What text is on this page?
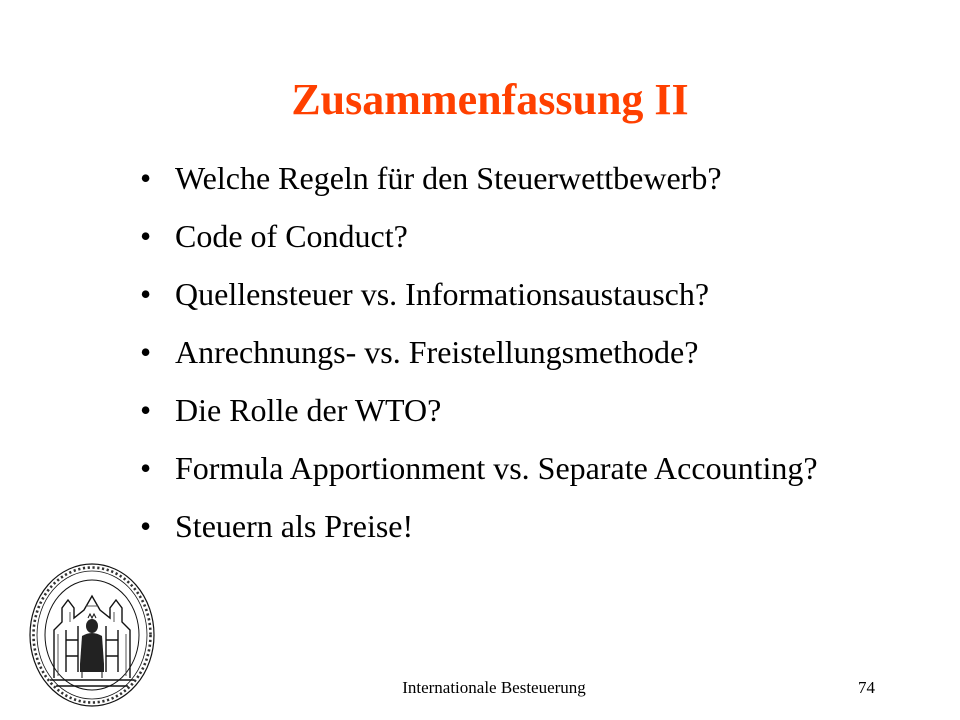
Zusammenfassung II
• Welche Regeln für den Steuerwettbewerb?
• Code of Conduct?
• Quellensteuer vs. Informationsaustausch?
• Anrechnungs- vs. Freistellungsmethode?
• Die Rolle der WTO?
• Formula Apportionment vs. Separate Accounting?
• Steuern als Preise!
Internationale Besteuerung	74
